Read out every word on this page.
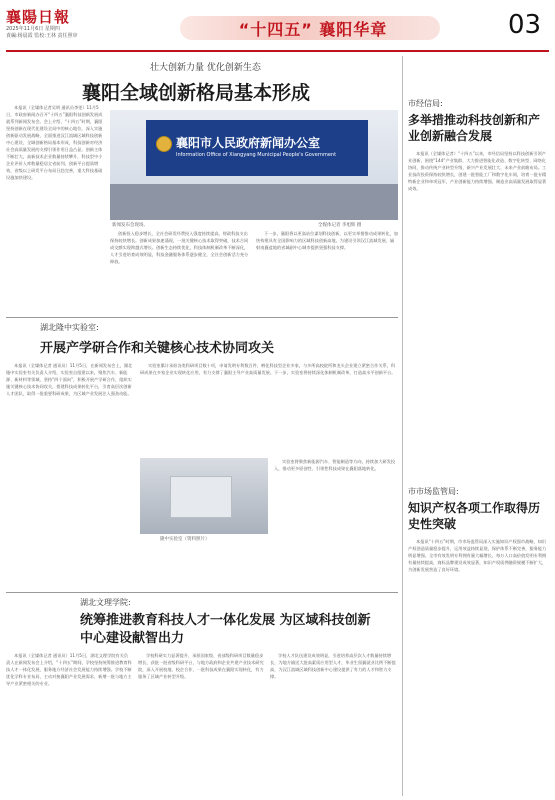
襄陽日報
2025年11月6日 星期四
責編:杨晨霞 監校:王林 责任照审	“十四五” 襄阳华章	03
壮大创新力量 优化创新生态
襄阳全域创新格局基本形成

本报讯（全媒体记者吴明 通讯员李雯）11月5日，市政府新闻办召开“十四五”襄阳科技创新发展成就系列新闻发布会。会上介绍，“十四五”时期，襄阳坚持创新在现代化建设全局中的核心地位，深入实施创新驱动发展战略，全面推进汉江流域区域科技创新中心建设，全域创新格局基本形成，科技创新对经济社会高质量发展的支撑引领作用日益凸显。创新主体不断壮大，高新技术企业数量持续攀升，科技型中小企业评价入库数量稳居全省前列。创新平台提质增效，省级以上研发平台布局日趋完善，重大科技基础设施加快建设。

襄阳市人民政府新闻办公室
Information Office of Xiangyang Municipal People's Government
新闻发布会现场。	全媒体记者 李旭辉 摄

创新投入稳步增长，全社会研发经费投入强度持续提高，财政科技支出保持较快增长。创新成果加速涌现，一批关键核心技术取得突破，技术合同成交额实现跨越式增长。创新生态持续优化，科技体制机制改革不断深化，人才引进培育成效明显，科技金融服务体系逐步健全，全社会创新活力充分释放。

下一步，襄阳将以更高站位谋划科技创新，以更实举措推动成果转化，加快构建具有全国影响力的区域科技创新高地，为建设引领汉江流域发展、辐射南襄盆地的省域副中心城市提供坚强科技支撑。

湖北隆中实验室:
开展产学研合作和关键核心技术协同攻关

本报讯（全媒体记者 通讯员）11月5日，在新闻发布会上，湖北隆中实验室有关负责人介绍，实验室自组建以来，聚焦汽车、新能源、新材料等领域，坚持“四个面向”，积极开展产学研合作，组织实施关键核心技术协同攻关，搭建科技成果转化平台，引育高层次创新人才团队，取得一批重要科研成果，为区域产业发展注入强劲动能。

实验室累计承担各类科研项目数十项，申请发明专利数百件，孵化科技型企业多家，与多所高校院所和龙头企业建立紧密合作关系，科研成果在多家企业实现转化应用，有力支撑了襄阳主导产业高质量发展。下一步，实验室将持续深化体制机制改革，打造高水平创新平台。

隆中实验室（资料照片）

实验室将聚焦新能源汽车、智能制造等方向，持续加大研发投入，推动更多原创性、引领性科技成果在襄阳落地转化。

湖北文理学院:
统筹推进教育科技人才一体化发展 为区域科技创新中心建设献智出力

本报讯（全媒体记者 通讯员）11月5日，湖北文理学院有关负责人在新闻发布会上介绍，“十四五”期间，学校坚持统筹推进教育科技人才一体化发展，服务地方经济社会发展能力持续增强。学校不断优化学科专业布局，主动对接襄阳产业发展需求，新增一批与地方主导产业紧密相关的专业。

学校科研实力显著提升，承担国家级、省部级科研项目数量稳步增长，获批一批省级科研平台，与地方政府和企业共建产业技术研究院，深入开展校地、校企合作，一批科技成果在襄阳实现转化，有力服务了区域产业转型升级。

学校人才队伍建设成效明显，引进培养高层次人才数量持续增长，为地方输送大批高素质应用型人才，毕业生留襄就业比例不断提高，为汉江流域区域科技创新中心建设提供了有力的人才和智力支撑。

市经信局:
多举措推动科技创新和产业创新融合发展

本报讯（全媒体记者）“十四五”以来，市经信局坚持以科技创新引领产业创新，围绕“144”产业集群，大力推进智能化改造、数字化转型、网络化协同，推动传统产业转型升级、新兴产业发展壮大、未来产业前瞻布局。工业技改投资保持较快增长，创建一批智能工厂和数字化车间，培育一批专精特新企业和单项冠军，产业创新能力持续增强，制造业高质量发展取得显著成效。

市市场监管局:
知识产权各项工作取得历史性突破

本报讯“十四五”时期，市市场监管局深入实施知识产权强市战略，知识产权创造质量稳步提升，运用效益持续显现，保护体系不断完善，服务能力明显增强。全市有效发明专利拥有量大幅增长，每万人口高价值发明专利拥有量持续提高，商标品牌建设成效显著，知识产权质押融资规模不断扩大，为创新发展营造了良好环境。
